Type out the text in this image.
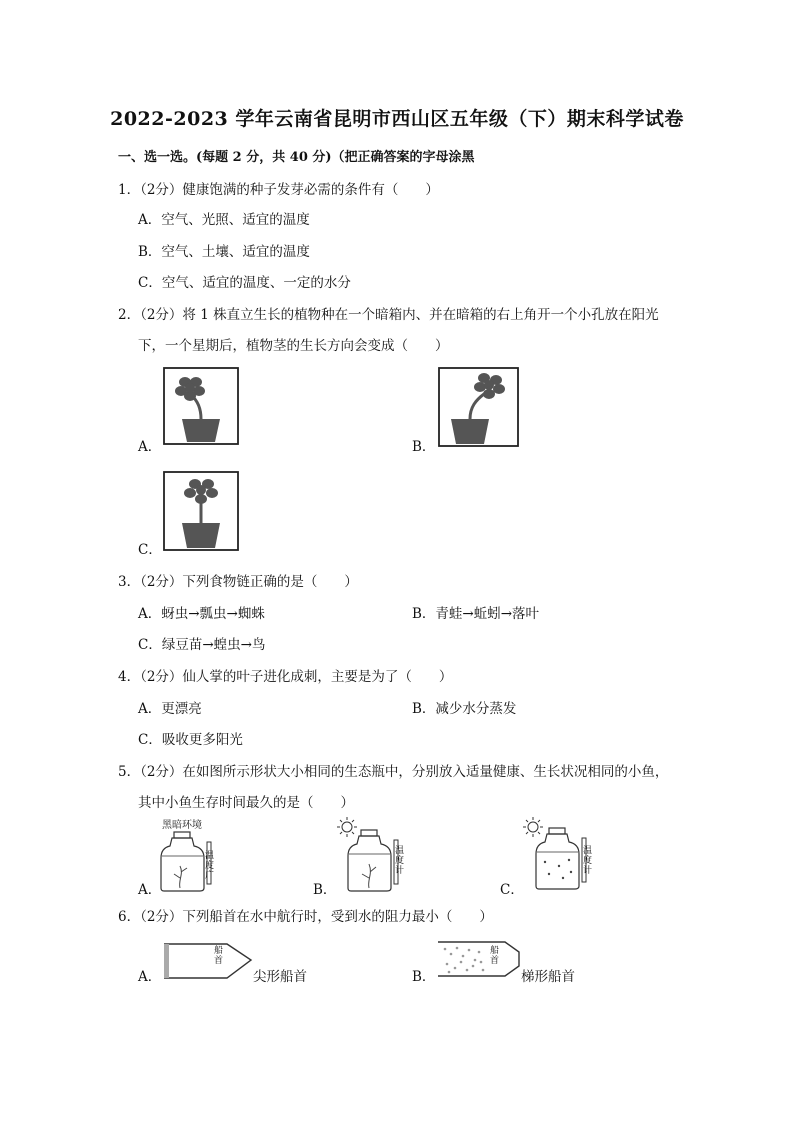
2022-2023 学年云南省昆明市西山区五年级（下）期末科学试卷
一、选一选。(每题 2 分，共 40 分)（把正确答案的字母涂黑
1．（2分）健康饱满的种子发芽必需的条件有（　　）
A．空气、光照、适宜的温度
B．空气、土壤、适宜的温度
C．空气、适宜的温度、一定的水分
2．（2分）将 1 株直立生长的植物种在一个暗箱内、并在暗箱的右上角开一个小孔放在阳光
下，一个星期后，植物茎的生长方向会变成（　　）
A．	B．
C．
3．（2分）下列食物链正确的是（　　）
A．蚜虫→瓢虫→蜘蛛	B．青蛙→蚯蚓→落叶
C．绿豆苗→蝗虫→鸟
4．（2分）仙人掌的叶子进化成刺，主要是为了（　　）
A．更漂亮	B．减少水分蒸发
C．吸收更多阳光
5．（2分）在如图所示形状大小相同的生态瓶中，分别放入适量健康、生长状况相同的小鱼，
其中小鱼生存时间最久的是（　　）
A．
黑暗环境
温度广
B．
温度计
C．
温度计
6．（2分）下列船首在水中航行时，受到水的阻力最小（　　）
A．
船首
尖形船首	B．
船首
梯形船首
